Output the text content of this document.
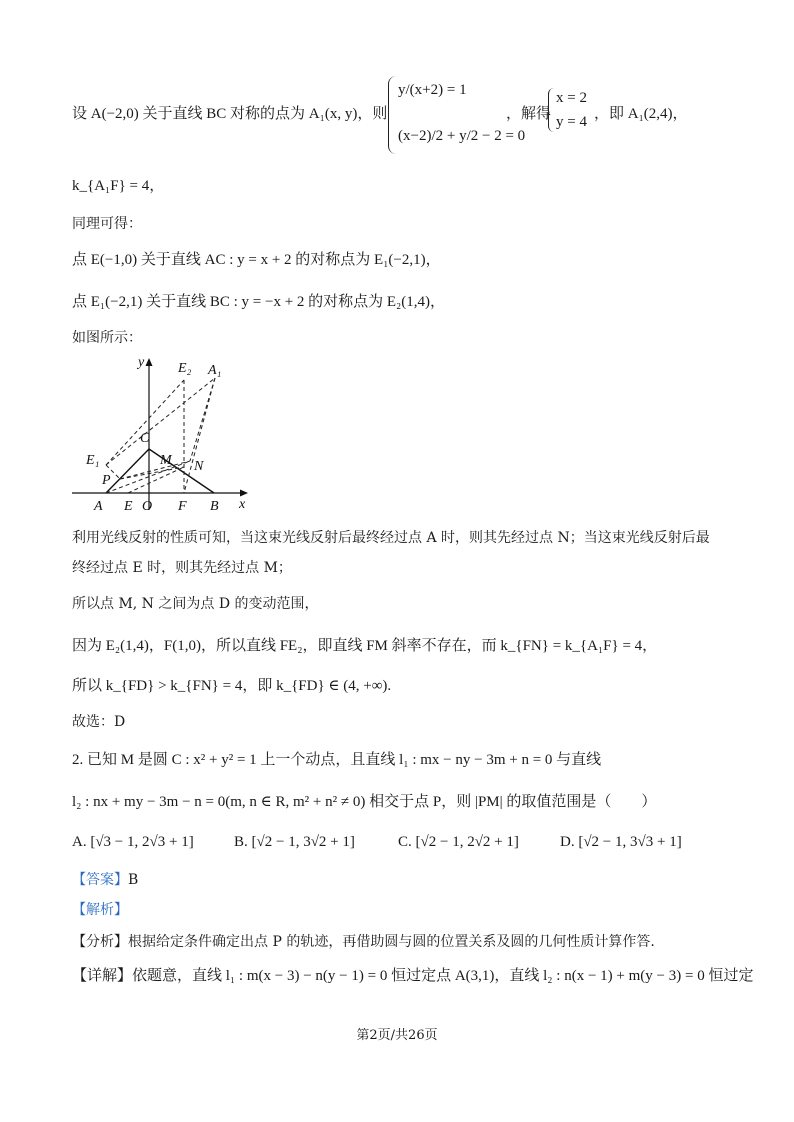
设 A(−2,0) 关于直线 BC 对称的点为 A₁(x, y)，则
y/(x+2) = 1
(x−2)/2 + y/2 − 2 = 0
，解得
x = 2
y = 4 ，即 A₁(2,4)，
k_{A₁F} = 4，
同理可得：
点 E(−1,0) 关于直线 AC : y = x + 2 的对称点为 E₁(−2,1)，
点 E₁(−2,1) 关于直线 BC : y = −x + 2 的对称点为 E₂(1,4)，
如图所示：
y E₂ A₁
C
E₁	M N
P
A E O F B x
利用光线反射的性质可知，当这束光线反射后最终经过点 A 时，则其先经过点 N；当这束光线反射后最
终经过点 E 时，则其先经过点 M；
所以点 M, N 之间为点 D 的变动范围，
因为 E₂(1,4)，F(1,0)，所以直线 FE₂，即直线 FM 斜率不存在，而 k_{FN} = k_{A₁F} = 4，
所以 k_{FD} > k_{FN} = 4，即 k_{FD} ∈ (4, +∞).
故选：D
2. 已知 M 是圆 C : x² + y² = 1 上一个动点，且直线 l₁ : mx − ny − 3m + n = 0 与直线
l₂ : nx + my − 3m − n = 0(m, n ∈ R, m² + n² ≠ 0) 相交于点 P，则 |PM| 的取值范围是（　　）
A. [√3 − 1, 2√3 + 1]	B. [√2 − 1, 3√2 + 1]	C. [√2 − 1, 2√2 + 1]	D. [√2 − 1, 3√3 + 1]
【答案】B
【解析】
【分析】根据给定条件确定出点 P 的轨迹，再借助圆与圆的位置关系及圆的几何性质计算作答.
【详解】依题意，直线 l₁ : m(x − 3) − n(y − 1) = 0 恒过定点 A(3,1)，直线 l₂ : n(x − 1) + m(y − 3) = 0 恒过定
第2页/共26页
